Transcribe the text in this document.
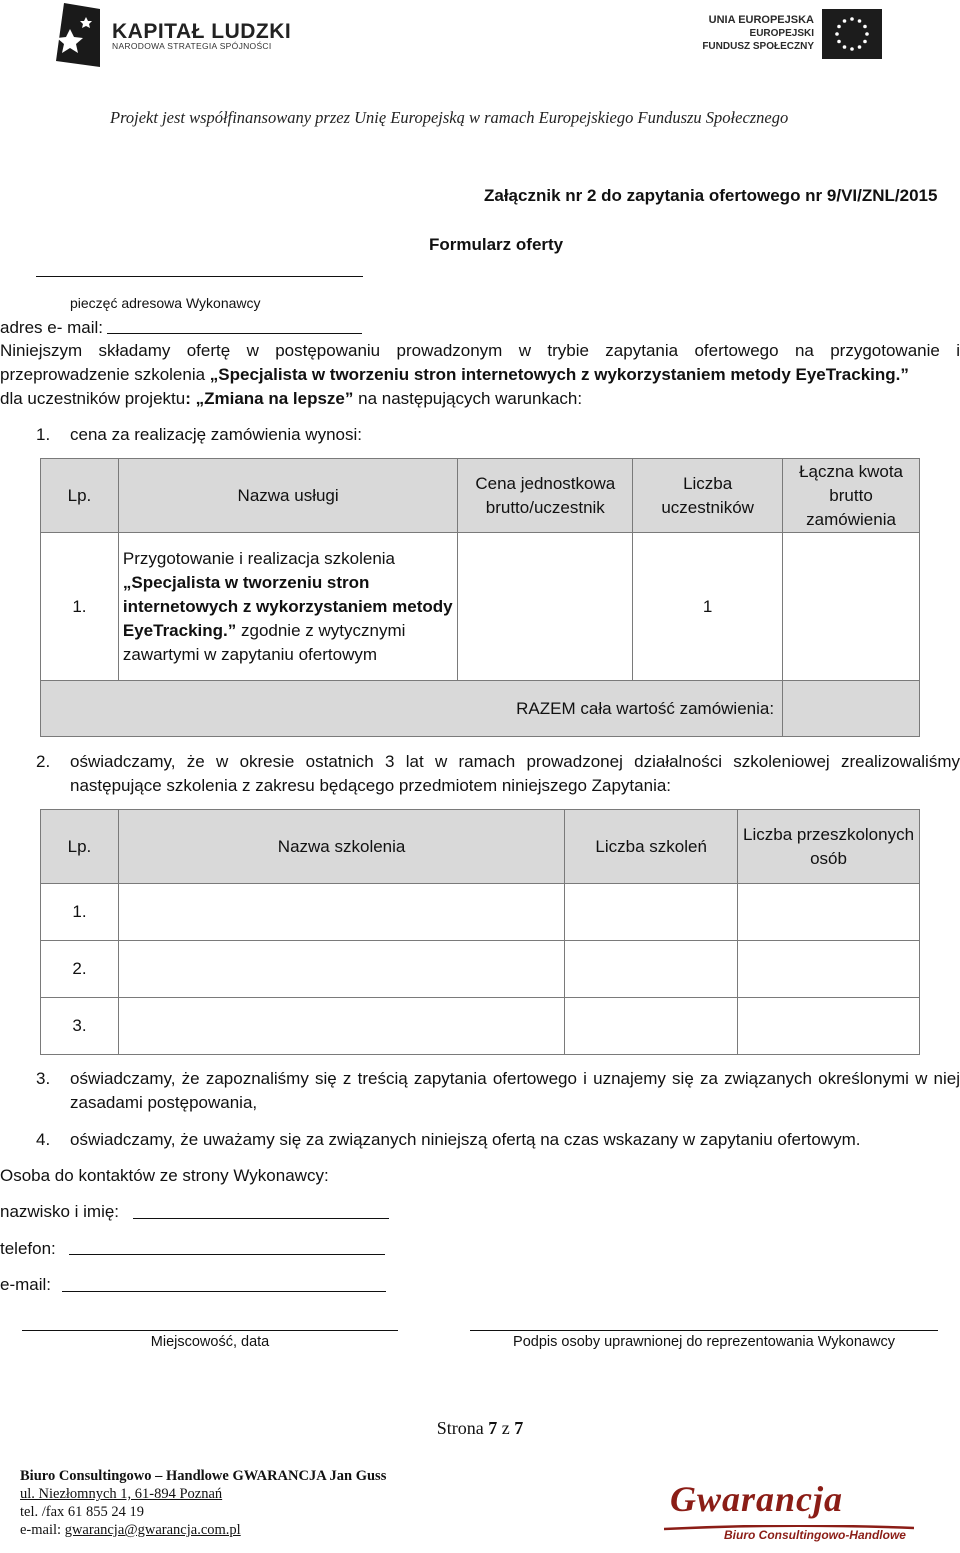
KAPITAŁ LUDZKI
NARODOWA STRATEGIA SPÓJNOŚCI
UNIA EUROPEJSKA
EUROPEJSKI
FUNDUSZ SPOŁECZNY
Projekt jest współfinansowany przez Unię Europejską w ramach Europejskiego Funduszu Społecznego
Załącznik nr 2 do zapytania ofertowego nr 9/VI/ZNL/2015
Formularz oferty
pieczęć adresowa Wykonawcy
adres e- mail:
Niniejszym składamy ofertę w postępowaniu prowadzonym w trybie zapytania ofertowego na przygotowanie i
przeprowadzenie szkolenia „Specjalista w tworzeniu stron internetowych z wykorzystaniem metody EyeTracking.”
dla uczestników projektu: „Zmiana na lepsze” na następujących warunkach:
1. cena za realizację zamówienia wynosi:
Lp.	Nazwa usługi	Cena jednostkowa brutto/uczestnik	Liczba uczestników	Łączna kwota brutto zamówienia
1.	Przygotowanie i realizacja szkolenia
„Specjalista w tworzeniu stron internetowych z wykorzystaniem metody EyeTracking.” zgodnie z wytycznymi zawartymi w zapytaniu ofertowym		1	
RAZEM cała wartość zamówienia:				
2. oświadczamy, że w okresie ostatnich 3 lat w ramach prowadzonej działalności szkoleniowej zrealizowaliśmy następujące szkolenia z zakresu będącego przedmiotem niniejszego Zapytania:
Lp.	Nazwa szkolenia	Liczba szkoleń	Liczba przeszkolonych osób
1.			
2.			
3.			
3. oświadczamy, że zapoznaliśmy się z treścią zapytania ofertowego i uznajemy się za związanych określonymi w niej zasadami postępowania,
4. oświadczamy, że uważamy się za związanych niniejszą ofertą na czas wskazany w zapytaniu ofertowym.
Osoba do kontaktów ze strony Wykonawcy:
nazwisko i imię:
telefon:
e-mail:
Miejscowość, data	Podpis osoby uprawnionej do reprezentowania Wykonawcy
Strona 7 z 7
Biuro Consultingowo – Handlowe GWARANCJA Jan Guss
ul. Niezłomnych 1, 61-894 Poznań
tel. /fax 61 855 24 19
e-mail: gwarancja@gwarancja.com.pl
Gwarancja
Biuro Consultingowo-Handlowe
